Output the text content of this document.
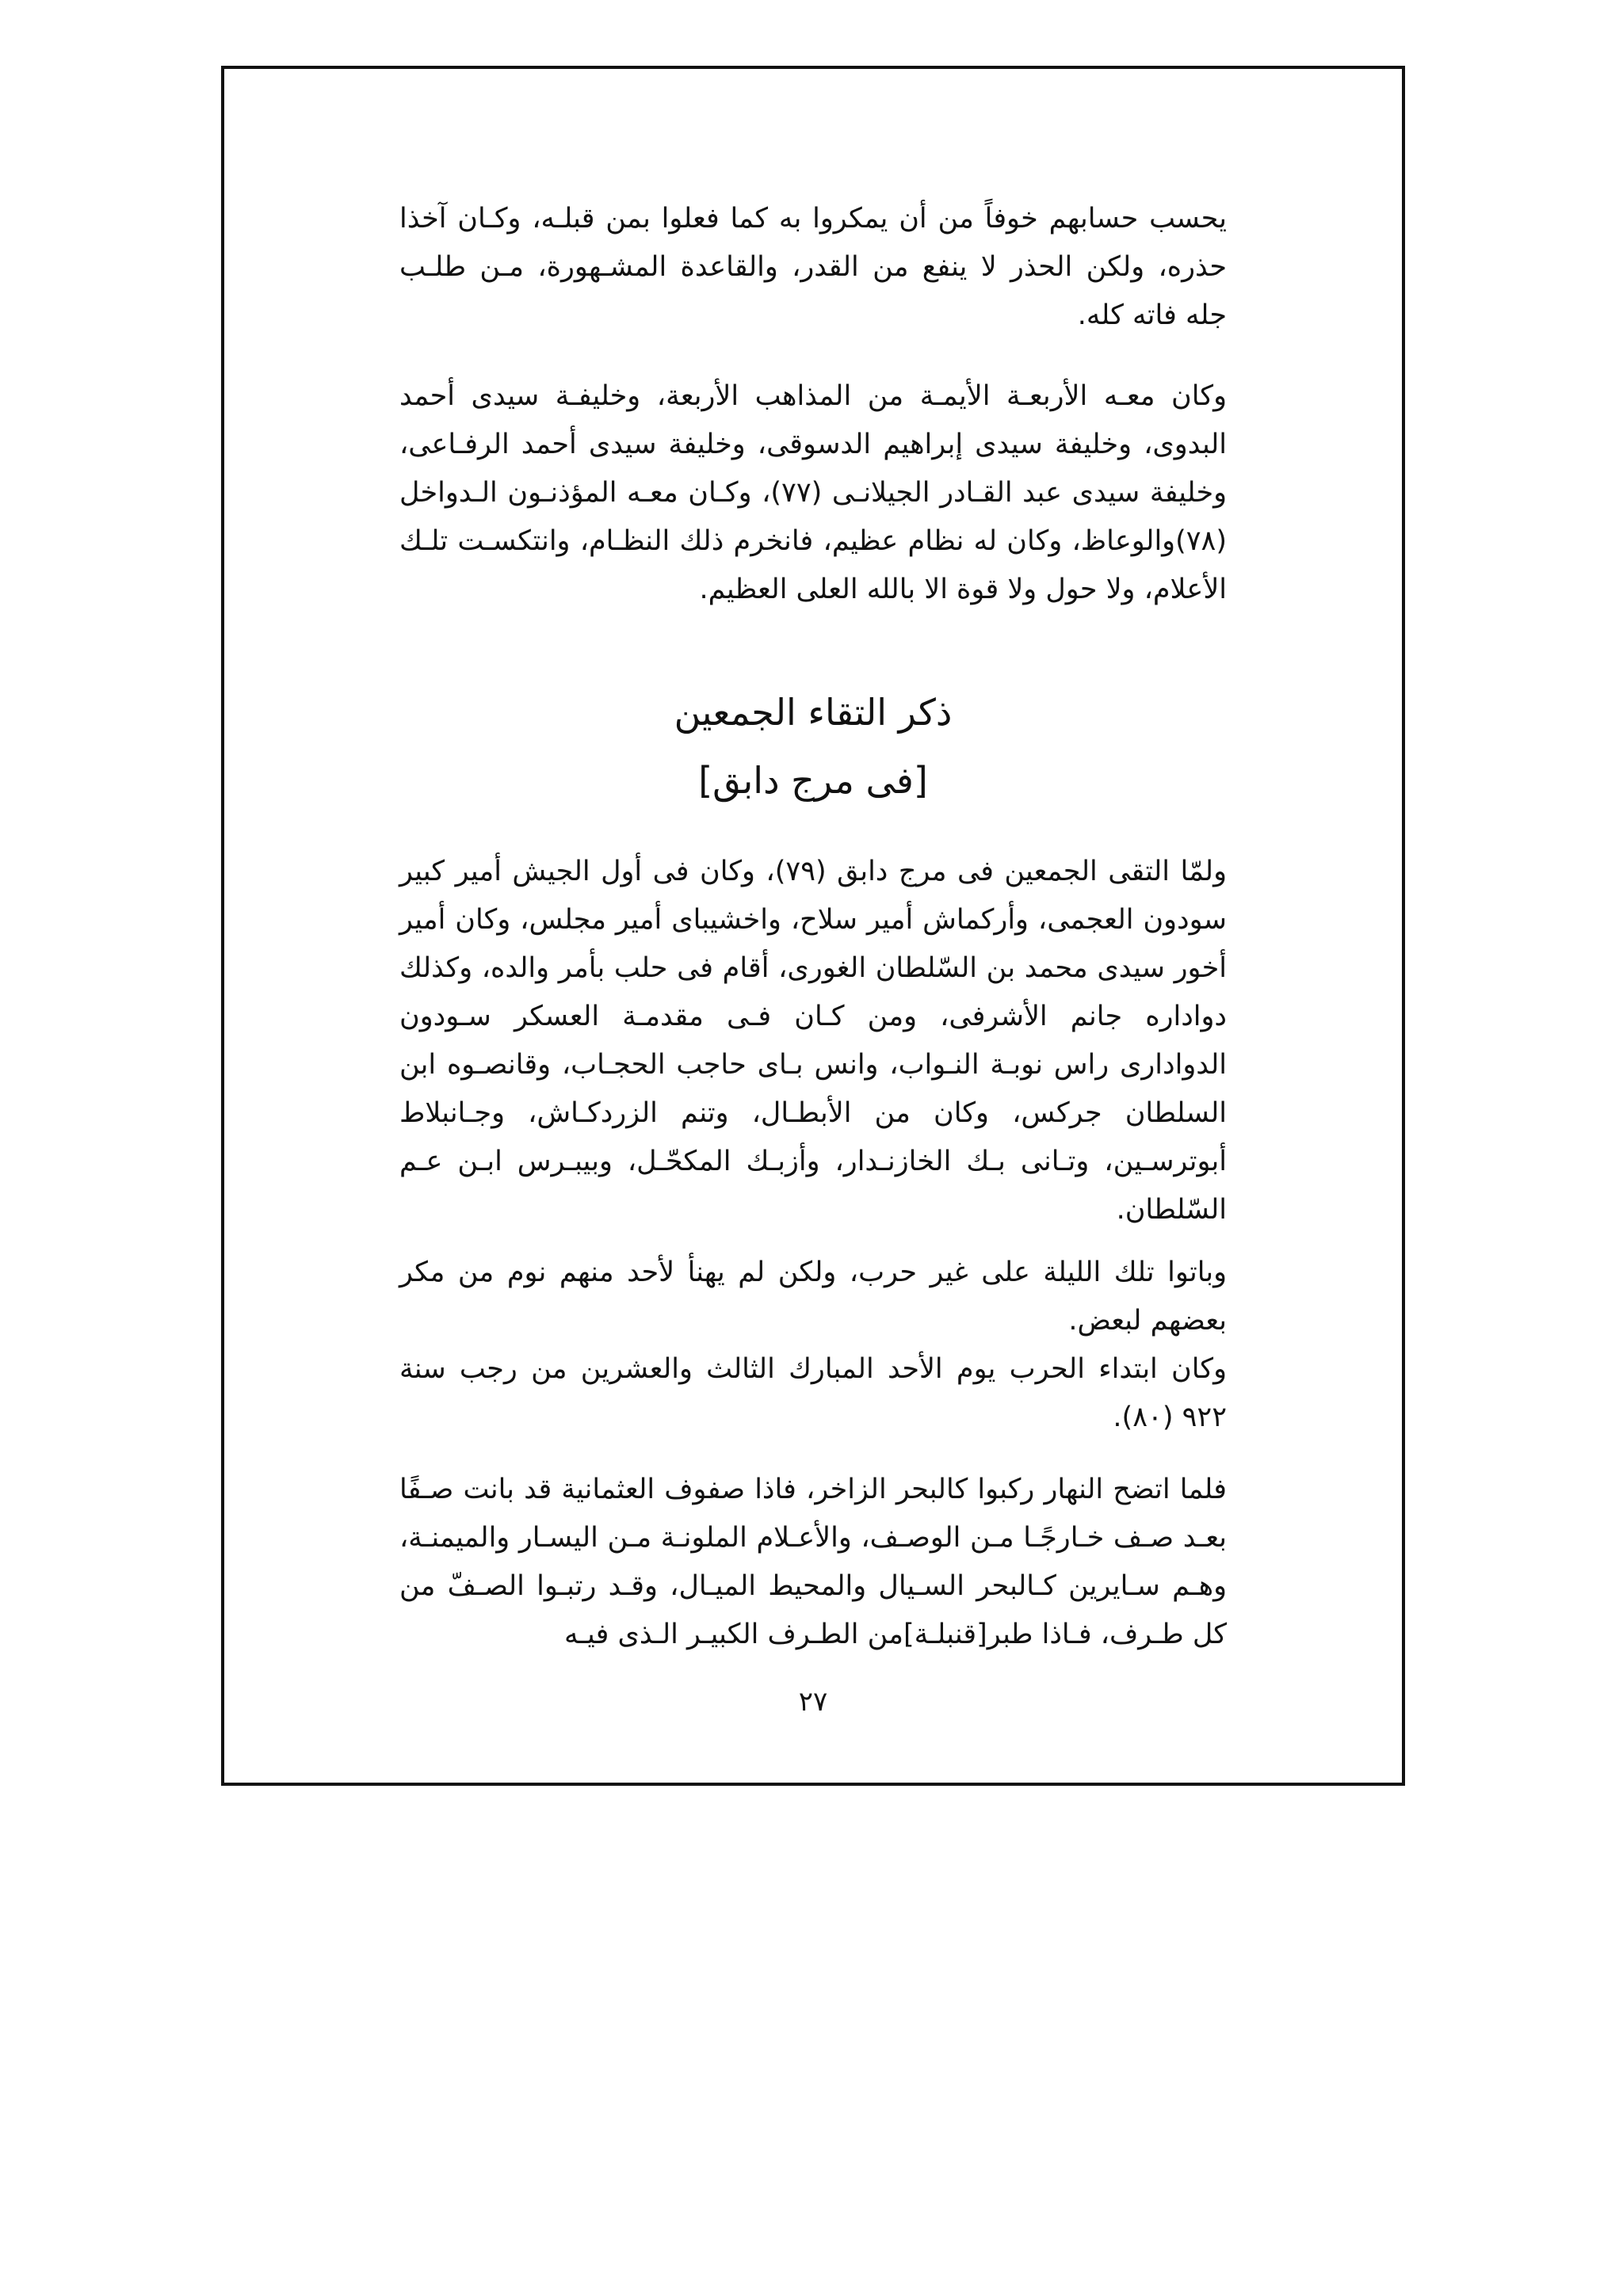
يحسب حسابهم خوفاً من أن يمكروا به كما فعلوا بمن قبلـه، وكـان آخذا حذره، ولكن الحذر لا ينفع من القدر، والقاعدة المشـهورة، مـن طلـب جله فاته كله.

وكان معـه الأربعـة الأيمـة من المذاهب الأربعة، وخليفـة سيدى أحمد البدوى، وخليفة سيدى إبراهيم الدسوقى، وخليفة سيدى أحمد الرفـاعى، وخليفة سيدى عبد القـادر الجيلانـى (٧٧)، وكـان معـه المؤذنـون الـدواخل (٧٨)والوعاظ، وكان له نظام عظيم، فانخرم ذلك النظـام، وانتكسـت تلـك الأعلام، ولا حول ولا قوة الا بالله العلى العظيم.

ذكر التقاء الجمعين
[فى مرج دابق]

ولمّا التقى الجمعين فى مرج دابق (٧٩)، وكان فى أول الجيش أمير كبير سودون العجمى، وأركماش أمير سلاح، واخشيباى أمير مجلس، وكان أمير أخور سيدى محمد بن السّلطان الغورى، أقام فى حلب بأمر والده، وكذلك دواداره جانم الأشرفى، ومن كـان فـى مقدمـة العسكر سـودون الدوادارى راس نوبـة النـواب، وانس بـاى حاجب الحجـاب، وقانصـوه ابن السلطان جركس، وكان من الأبطـال، وتنم الزردكـاش، وجـانبلاط أبوترسـين، وتـانى بـك الخازنـدار، وأزبـك المكحّـل، وبيبـرس ابـن عـم السّلطان.

وباتوا تلك الليلة على غير حرب، ولكن لم يهنأ لأحد منهم نوم من مكر بعضهم لبعض.

وكان ابتداء الحرب يوم الأحد المبارك الثالث والعشرين من رجب سنة ٩٢٢ (٨٠).

فلما اتضح النهار ركبوا كالبحر الزاخر، فاذا صفوف العثمانية قد بانت صـفًا بعـد صـف خـارجًـا مـن الوصـف، والأعـلام الملونـة مـن اليسـار والميمنـة، وهـم سـايرين كـالبحر السـيال والمحيط الميـال، وقـد رتبـوا الصـفّ من كل طـرف، فـاذا طبر[قنبلـة]من الطـرف الكبيـر الـذى فيـه

٢٧
